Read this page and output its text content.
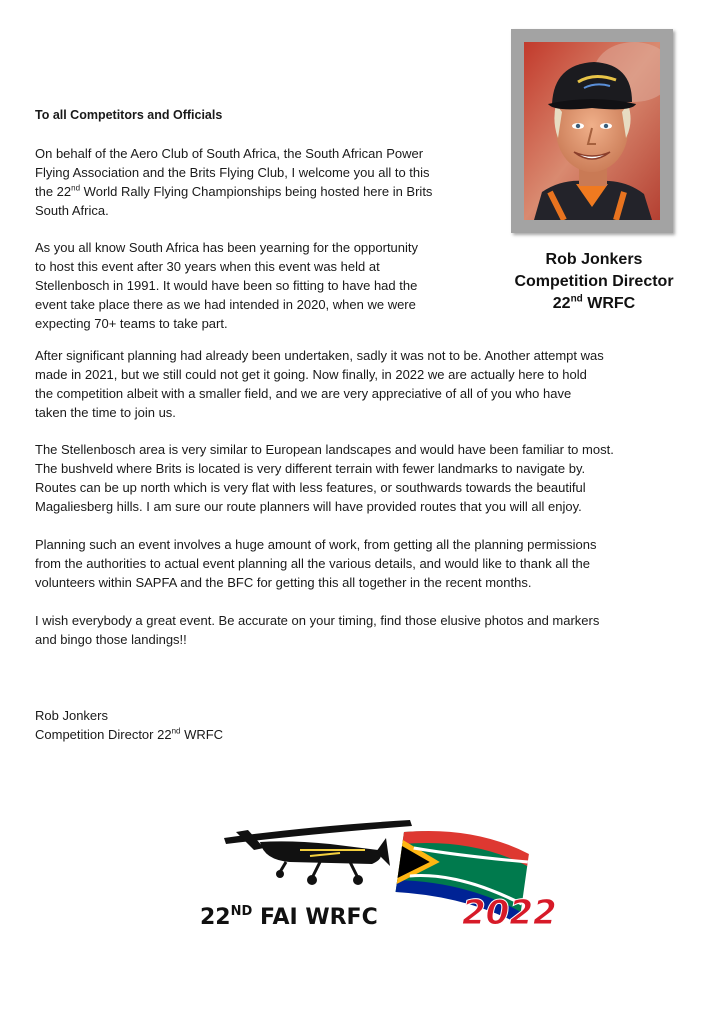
To all Competitors and Officials

On behalf of the Aero Club of South Africa, the South African Power

Flying Association and the Brits Flying Club, I welcome you all to this

the 22nd World Rally Flying Championships being hosted here in Brits

South Africa.

As you all know South Africa has been yearning for the opportunity

to host this event after 30 years when this event was held at

Stellenbosch in 1991. It would have been so fitting to have had the

event take place there as we had intended in 2020, when we were

expecting 70+ teams to take part.

After significant planning had already been undertaken, sadly it was not to be. Another attempt was

made in 2021, but we still could not get it going. Now finally, in 2022 we are actually here to hold

the competition albeit with a smaller field, and we are very appreciative of all of you who have

taken the time to join us.

The Stellenbosch area is very similar to European landscapes and would have been familiar to most.

The bushveld where Brits is located is very different terrain with fewer landmarks to navigate by.

Routes can be up north which is very flat with less features, or southwards towards the beautiful

Magaliesberg hills. I am sure our route planners will have provided routes that you will all enjoy.

Planning such an event involves a huge amount of work, from getting all the planning permissions

from the authorities to actual event planning all the various details, and would like to thank all the

volunteers within SAPFA and the BFC for getting this all together in the recent months.

I wish everybody a great event. Be accurate on your timing, find those elusive photos and markers

and bingo those landings!!

Rob Jonkers

Competition Director 22nd WRFC

Rob Jonkers
Competition Director
22nd WRFC
22ND FAI WRFC 2022
